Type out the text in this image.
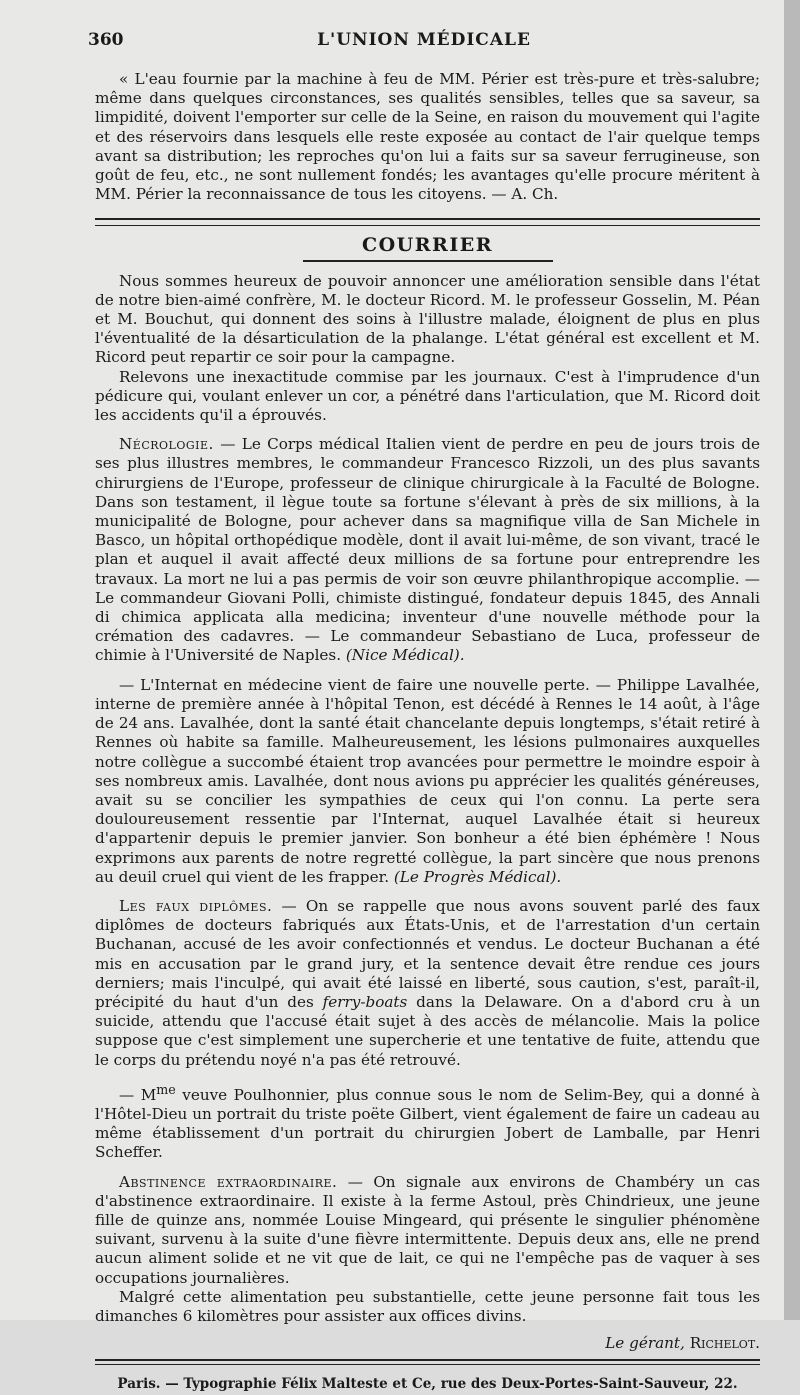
360	L'UNION MÉDICALE

« L'eau fournie par la machine à feu de MM. Périer est très-pure et très-salubre; même dans quelques circonstances, ses qualités sensibles, telles que sa saveur, sa limpidité, doivent l'emporter sur celle de la Seine, en raison du mouvement qui l'agite et des réservoirs dans lesquels elle reste exposée au contact de l'air quelque temps avant sa distribution; les reproches qu'on lui a faits sur sa saveur ferrugineuse, son goût de feu, etc., ne sont nullement fondés; les avantages qu'elle procure méritent à MM. Périer la reconnaissance de tous les citoyens. — A. Ch.

COURRIER

Nous sommes heureux de pouvoir annoncer une amélioration sensible dans l'état de notre bien-aimé confrère, M. le docteur Ricord. M. le professeur Gosselin, M. Péan et M. Bouchut, qui donnent des soins à l'illustre malade, éloignent de plus en plus l'éventualité de la désarticulation de la phalange. L'état général est excellent et M. Ricord peut repartir ce soir pour la campagne.

Relevons une inexactitude commise par les journaux. C'est à l'imprudence d'un pédicure qui, voulant enlever un cor, a pénétré dans l'articulation, que M. Ricord doit les accidents qu'il a éprouvés.

Nécrologie. — Le Corps médical Italien vient de perdre en peu de jours trois de ses plus illustres membres, le commandeur Francesco Rizzoli, un des plus savants chirurgiens de l'Europe, professeur de clinique chirurgicale à la Faculté de Bologne. Dans son testament, il lègue toute sa fortune s'élevant à près de six millions, à la municipalité de Bologne, pour achever dans sa magnifique villa de San Michele in Basco, un hôpital orthopédique modèle, dont il avait lui-même, de son vivant, tracé le plan et auquel il avait affecté deux millions de sa fortune pour entreprendre les travaux. La mort ne lui a pas permis de voir son œuvre philanthropique accomplie. — Le commandeur Giovani Polli, chimiste distingué, fondateur depuis 1845, des Annali di chimica applicata alla medicina; inventeur d'une nouvelle méthode pour la crémation des cadavres. — Le commandeur Sebastiano de Luca, professeur de chimie à l'Université de Naples. (Nice Médical).

— L'Internat en médecine vient de faire une nouvelle perte. — Philippe Lavalhée, interne de première année à l'hôpital Tenon, est décédé à Rennes le 14 août, à l'âge de 24 ans. Lavalhée, dont la santé était chancelante depuis longtemps, s'était retiré à Rennes où habite sa famille. Malheureusement, les lésions pulmonaires auxquelles notre collègue a succombé étaient trop avancées pour permettre le moindre espoir à ses nombreux amis. Lavalhée, dont nous avions pu apprécier les qualités généreuses, avait su se concilier les sympathies de ceux qui l'on connu. La perte sera douloureusement ressentie par l'Internat, auquel Lavalhée était si heureux d'appartenir depuis le premier janvier. Son bonheur a été bien éphémère ! Nous exprimons aux parents de notre regretté collègue, la part sincère que nous prenons au deuil cruel qui vient de les frapper. (Le Progrès Médical).

Les faux diplômes. — On se rappelle que nous avons souvent parlé des faux diplômes de docteurs fabriqués aux États-Unis, et de l'arrestation d'un certain Buchanan, accusé de les avoir confectionnés et vendus. Le docteur Buchanan a été mis en accusation par le grand jury, et la sentence devait être rendue ces jours derniers; mais l'inculpé, qui avait été laissé en liberté, sous caution, s'est, paraît-il, précipité du haut d'un des ferry-boats dans la Delaware. On a d'abord cru à un suicide, attendu que l'accusé était sujet à des accès de mélancolie. Mais la police suppose que c'est simplement une supercherie et une tentative de fuite, attendu que le corps du prétendu noyé n'a pas été retrouvé.

— $M^{me}$ veuve Poulhonnier, plus connue sous le nom de Selim-Bey, qui a donné à l'Hôtel-Dieu un portrait du triste poëte Gilbert, vient également de faire un cadeau au même établissement d'un portrait du chirurgien Jobert de Lamballe, par Henri Scheffer.

Abstinence extraordinaire. — On signale aux environs de Chambéry un cas d'abstinence extraordinaire. Il existe à la ferme Astoul, près Chindrieux, une jeune fille de quinze ans, nommée Louise Mingeard, qui présente le singulier phénomène suivant, survenu à la suite d'une fièvre intermittente. Depuis deux ans, elle ne prend aucun aliment solide et ne vit que de lait, ce qui ne l'empêche pas de vaquer à ses occupations journalières.

Malgré cette alimentation peu substantielle, cette jeune personne fait tous les dimanches 6 kilomètres pour assister aux offices divins.

Le gérant, Richelot.
Paris. — Typographie Félix Malteste et Ce, rue des Deux-Portes-Saint-Sauveur, 22.
